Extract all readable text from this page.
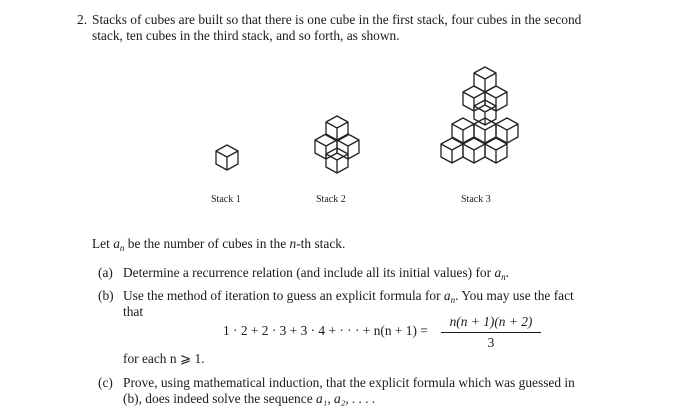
2. Stacks of cubes are built so that there is one cube in the first stack, four cubes in the second
stack, ten cubes in the third stack, and so forth, as shown.
Stack 1	Stack 2	Stack 3
Let $a_n$ be the number of cubes in the n-th stack.
(a) Determine a recurrence relation (and include all its initial values) for $a_n$.
(b) Use the method of iteration to guess an explicit formula for $a_n$. You may use the fact
that
1 · 2 + 2 · 3 + 3 · 4 + · · · + $n(n + 1) = \frac{n(n + 1)(n + 2)}{3}$
for each n ⩾ 1.
(c) Prove, using mathematical induction, that the explicit formula which was guessed in
(b), does indeed solve the sequence a₁, a₂, . . . .
